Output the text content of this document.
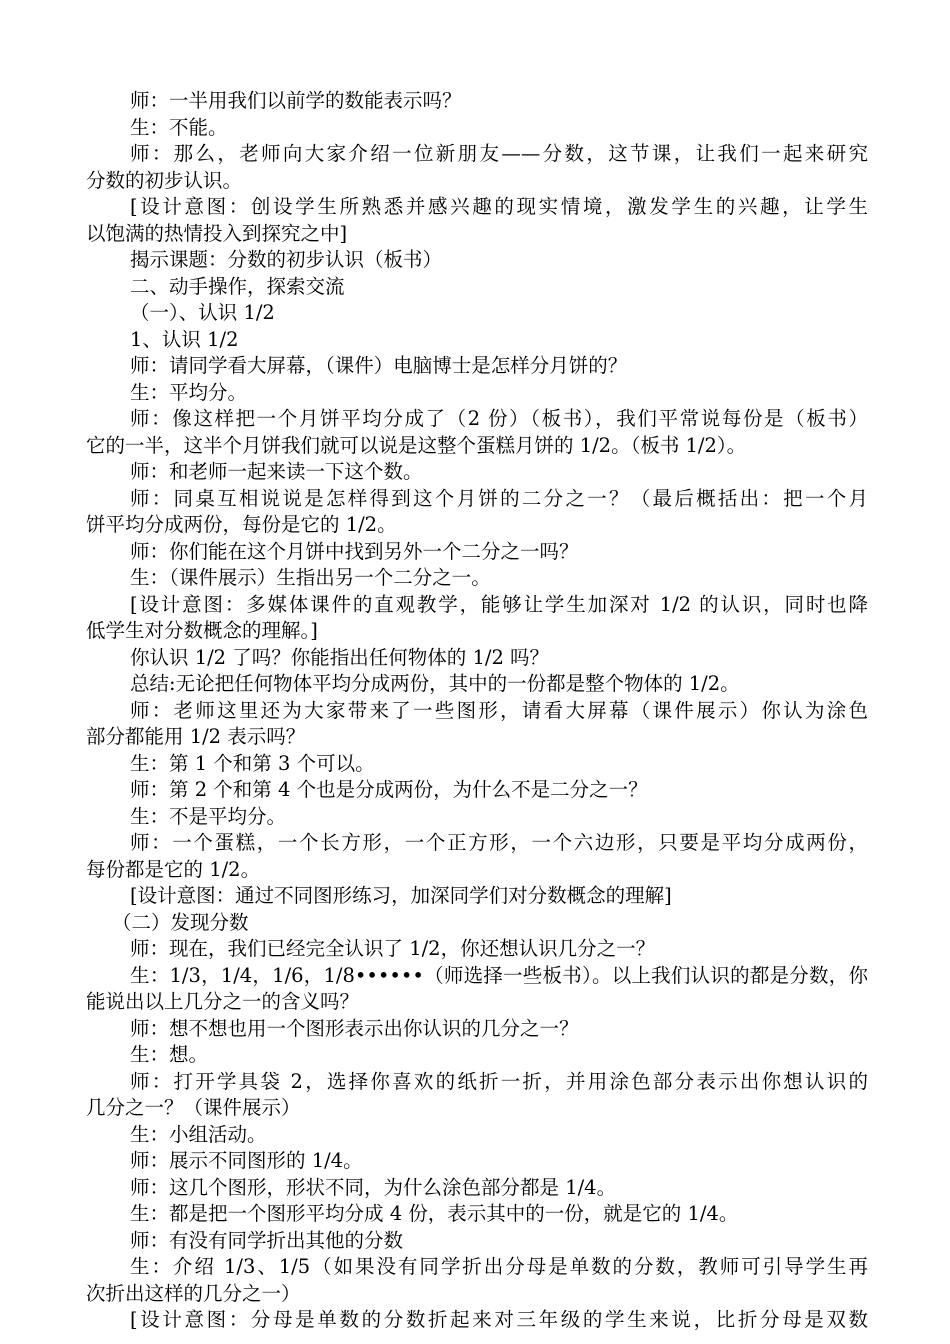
师：一半用我们以前学的数能表示吗？
生：不能。
师：那么，老师向大家介绍一位新朋友——分数，这节课，让我们一起来研究
分数的初步认识。
[设计意图：创设学生所熟悉并感兴趣的现实情境，激发学生的兴趣，让学生
以饱满的热情投入到探究之中]
揭示课题：分数的初步认识（板书）
二、动手操作，探索交流
（一）、认识 1/2
1、认识 1/2
师：请同学看大屏幕，（课件）电脑博士是怎样分月饼的？
生：平均分。
师：像这样把一个月饼平均分成了（2 份）（板书），我们平常说每份是（板书）
它的一半，这半个月饼我们就可以说是这整个蛋糕月饼的 1/2。（板书 1/2）。
师：和老师一起来读一下这个数。
师：同桌互相说说是怎样得到这个月饼的二分之一？（最后概括出：把一个月
饼平均分成两份，每份是它的 1/2。
师：你们能在这个月饼中找到另外一个二分之一吗？
生：（课件展示）生指出另一个二分之一。
[设计意图：多媒体课件的直观教学，能够让学生加深对 1/2 的认识，同时也降
低学生对分数概念的理解。]
你认识 1/2 了吗？你能指出任何物体的 1/2 吗？
总结:无论把任何物体平均分成两份，其中的一份都是整个物体的 1/2。
师：老师这里还为大家带来了一些图形，请看大屏幕（课件展示）你认为涂色
部分都能用 1/2 表示吗？
生：第 1 个和第 3 个可以。
师：第 2 个和第 4 个也是分成两份，为什么不是二分之一？
生：不是平均分。
师：一个蛋糕，一个长方形，一个正方形，一个六边形，只要是平均分成两份，
每份都是它的 1/2。
[设计意图：通过不同图形练习，加深同学们对分数概念的理解]
（二）发现分数
师：现在，我们已经完全认识了 1/2，你还想认识几分之一？
生：1/3，1/4，1/6，1/8••••••（师选择一些板书）。以上我们认识的都是分数，你
能说出以上几分之一的含义吗？
师：想不想也用一个图形表示出你认识的几分之一？
生：想。
师：打开学具袋 2，选择你喜欢的纸折一折，并用涂色部分表示出你想认识的
几分之一？（课件展示）
生：小组活动。
师：展示不同图形的 1/4。
师：这几个图形，形状不同，为什么涂色部分都是 1/4。
生：都是把一个图形平均分成 4 份，表示其中的一份，就是它的 1/4。
师：有没有同学折出其他的分数
生：介绍 1/3、1/5（如果没有同学折出分母是单数的分数，教师可引导学生再
次折出这样的几分之一）
[设计意图：分母是单数的分数折起来对三年级的学生来说，比折分母是双数
